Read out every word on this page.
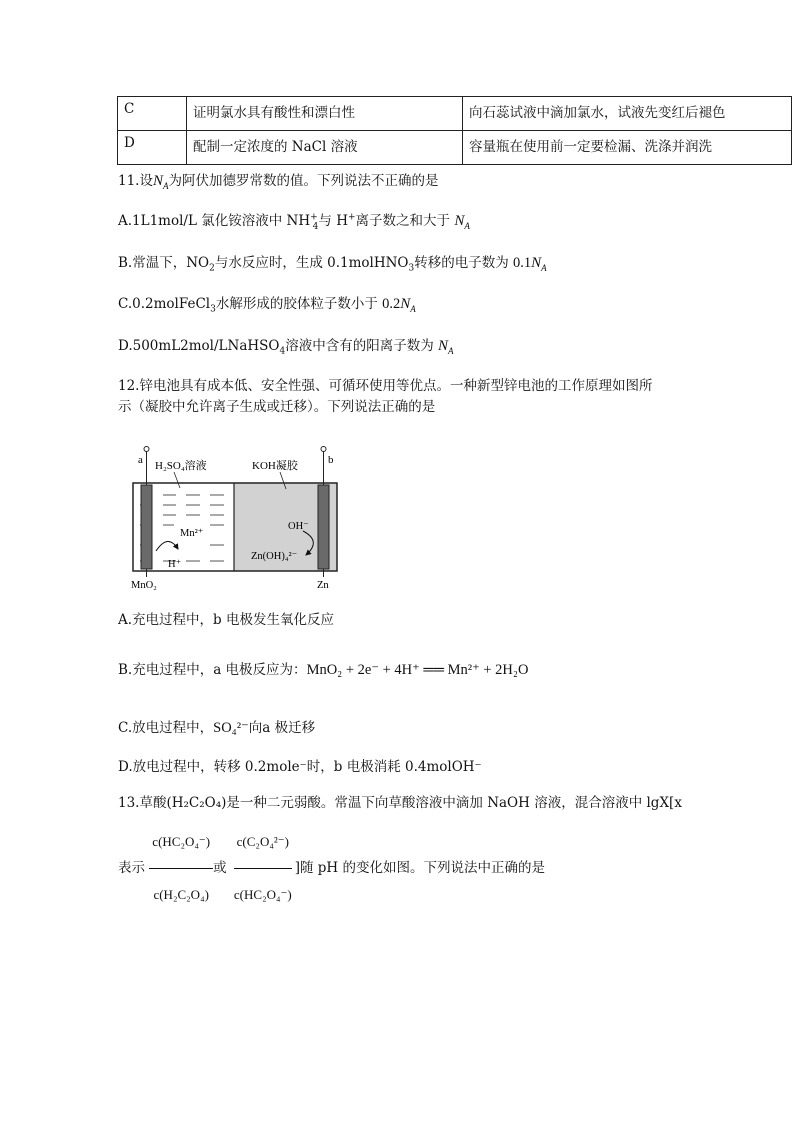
C	证明氯水具有酸性和漂白性	向石蕊试液中滴加氯水，试液先变红后褪色
D	配制一定浓度的 NaCl 溶液	容量瓶在使用前一定要检漏、洗涤并润洗
11.设$N_A$为阿伏加德罗常数的值。下列说法不正确的是
A.1L1mol/L 氯化铵溶液中 $NH^+_4$与 H+离子数之和大于 $N_A$
B.常温下，$NO_2$与水反应时，生成 0.1molHNO$_3$转移的电子数为 $0.1N_A$
C.0.2molFeCl$_3$水解形成的胶体粒子数小于 $0.2N_A$
D.500mL2mol/LNaHSO$_4$溶液中含有的阳离子数为 $N_A$
12.锌电池具有成本低、安全性强、可循环使用等优点。一种新型锌电池的工作原理如图所
示（凝胶中允许离子生成或迁移）。下列说法正确的是
a	b
H₂SO₄溶液	KOH凝胶
Mn²⁺
H⁺
OH⁻
Zn(OH)₄²⁻
MnO₂	Zn
A.充电过程中，b 电极发生氧化反应
B.充电过程中，a 电极反应为：MnO₂ + 2e⁻ + 4H⁺ ══ Mn²⁺ + 2H₂O
C.放电过程中，SO₄²⁻向a 极迁移
D.放电过程中，转移 0.2mole⁻时，b 电极消耗 0.4molOH⁻
13.草酸(H₂C₂O₄)是一种二元弱酸。常温下向草酸溶液中滴加 NaOH 溶液，混合溶液中 lgX[x
表示 $\frac{\text{c(HC₂O₄⁻)}}{\text{c(H₂C₂O₄)}}$ 或 $\frac{\text{c(C₂O₄²⁻)}}{\text{c(HC₂O₄⁻)}}$ ]随 pH 的变化如图。下列说法中正确的是
